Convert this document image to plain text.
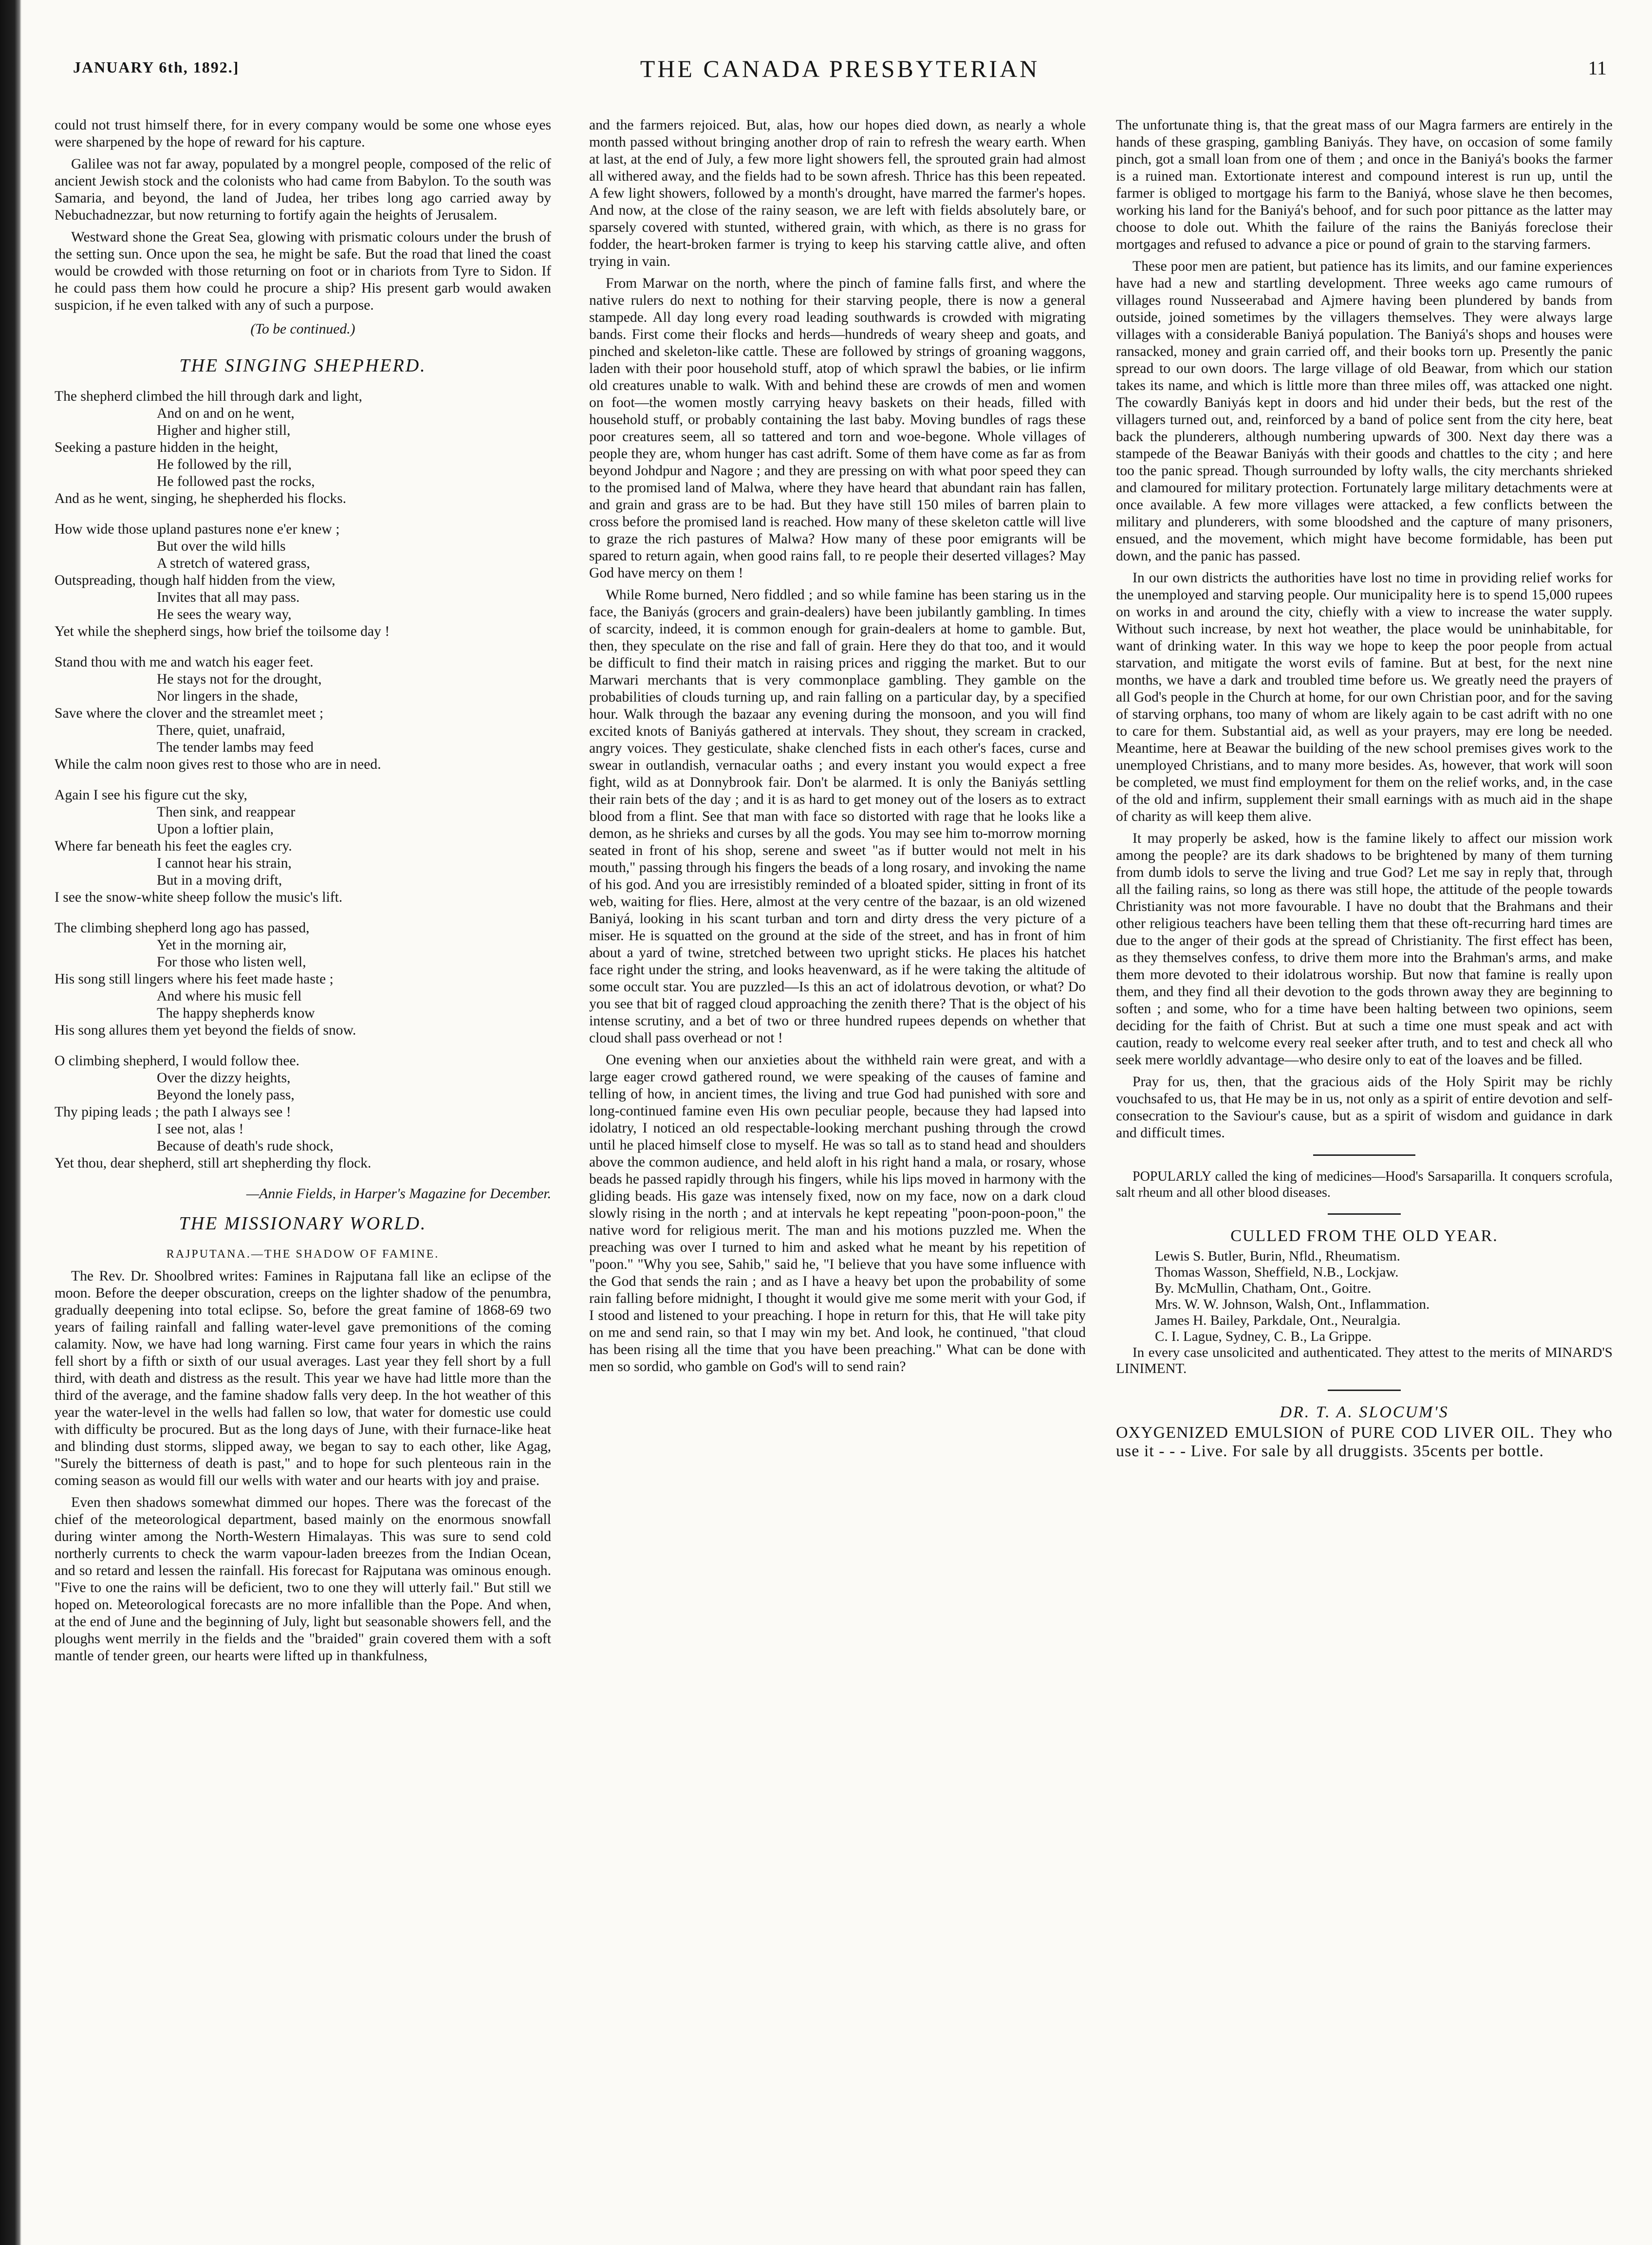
JANUARY 6th, 1892.]	THE CANADA PRESBYTERIAN	11

could not trust himself there, for in every company would be some one whose eyes were sharpened by the hope of reward for his capture.

Galilee was not far away, populated by a mongrel people, composed of the relic of ancient Jewish stock and the colonists who had came from Babylon. To the south was Samaria, and beyond, the land of Judea, her tribes long ago carried away by Nebuchadnezzar, but now returning to fortify again the heights of Jerusalem.

Westward shone the Great Sea, glowing with prismatic colours under the brush of the setting sun. Once upon the sea, he might be safe. But the road that lined the coast would be crowded with those returning on foot or in chariots from Tyre to Sidon. If he could pass them how could he procure a ship? His present garb would awaken suspicion, if he even talked with any of such a purpose.

(To be continued.)
THE SINGING SHEPHERD.
The shepherd climbed the hill through dark and light,
And on and on he went,
Higher and higher still,
Seeking a pasture hidden in the height,
He followed by the rill,
He followed past the rocks,
And as he went, singing, he shepherded his flocks.
How wide those upland pastures none e'er knew ;
But over the wild hills
A stretch of watered grass,
Outspreading, though half hidden from the view,
Invites that all may pass.
He sees the weary way,
Yet while the shepherd sings, how brief the toilsome day !
Stand thou with me and watch his eager feet.
He stays not for the drought,
Nor lingers in the shade,
Save where the clover and the streamlet meet ;
There, quiet, unafraid,
The tender lambs may feed
While the calm noon gives rest to those who are in need.
Again I see his figure cut the sky,
Then sink, and reappear
Upon a loftier plain,
Where far beneath his feet the eagles cry.
I cannot hear his strain,
But in a moving drift,
I see the snow-white sheep follow the music's lift.
The climbing shepherd long ago has passed,
Yet in the morning air,
For those who listen well,
His song still lingers where his feet made haste ;
And where his music fell
The happy shepherds know
His song allures them yet beyond the fields of snow.
O climbing shepherd, I would follow thee.
Over the dizzy heights,
Beyond the lonely pass,
Thy piping leads ; the path I always see !
I see not, alas !
Because of death's rude shock,
Yet thou, dear shepherd, still art shepherding thy flock.
—Annie Fields, in Harper's Magazine for December.
THE MISSIONARY WORLD.
RAJPUTANA.—THE SHADOW OF FAMINE.

The Rev. Dr. Shoolbred writes: Famines in Rajputana fall like an eclipse of the moon. Before the deeper obscuration, creeps on the lighter shadow of the penumbra, gradually deepening into total eclipse. So, before the great famine of 1868-69 two years of failing rainfall and falling water-level gave premonitions of the coming calamity. Now, we have had long warning. First came four years in which the rains fell short by a fifth or sixth of our usual averages. Last year they fell short by a full third, with death and distress as the result. This year we have had little more than the third of the average, and the famine shadow falls very deep. In the hot weather of this year the water-level in the wells had fallen so low, that water for domestic use could with difficulty be procured. But as the long days of June, with their furnace-like heat and blinding dust storms, slipped away, we began to say to each other, like Agag, "Surely the bitterness of death is past," and to hope for such plenteous rain in the coming season as would fill our wells with water and our hearts with joy and praise.

Even then shadows somewhat dimmed our hopes. There was the forecast of the chief of the meteorological department, based mainly on the enormous snowfall during winter among the North-Western Himalayas. This was sure to send cold northerly currents to check the warm vapour-laden breezes from the Indian Ocean, and so retard and lessen the rainfall. His forecast for Rajputana was ominous enough. "Five to one the rains will be deficient, two to one they will utterly fail." But still we hoped on. Meteorological forecasts are no more infallible than the Pope. And when, at the end of June and the beginning of July, light but seasonable showers fell, and the ploughs went merrily in the fields and the "braided" grain covered them with a soft mantle of tender green, our hearts were lifted up in thankfulness,

and the farmers rejoiced. But, alas, how our hopes died down, as nearly a whole month passed without bringing another drop of rain to refresh the weary earth. When at last, at the end of July, a few more light showers fell, the sprouted grain had almost all withered away, and the fields had to be sown afresh. Thrice has this been repeated. A few light showers, followed by a month's drought, have marred the farmer's hopes. And now, at the close of the rainy season, we are left with fields absolutely bare, or sparsely covered with stunted, withered grain, with which, as there is no grass for fodder, the heart-broken farmer is trying to keep his starving cattle alive, and often trying in vain.

From Marwar on the north, where the pinch of famine falls first, and where the native rulers do next to nothing for their starving people, there is now a general stampede. All day long every road leading southwards is crowded with migrating bands. First come their flocks and herds—hundreds of weary sheep and goats, and pinched and skeleton-like cattle. These are followed by strings of groaning waggons, laden with their poor household stuff, atop of which sprawl the babies, or lie infirm old creatures unable to walk. With and behind these are crowds of men and women on foot—the women mostly carrying heavy baskets on their heads, filled with household stuff, or probably containing the last baby. Moving bundles of rags these poor creatures seem, all so tattered and torn and woe-begone. Whole villages of people they are, whom hunger has cast adrift. Some of them have come as far as from beyond Johdpur and Nagore ; and they are pressing on with what poor speed they can to the promised land of Malwa, where they have heard that abundant rain has fallen, and grain and grass are to be had. But they have still 150 miles of barren plain to cross before the promised land is reached. How many of these skeleton cattle will live to graze the rich pastures of Malwa? How many of these poor emigrants will be spared to return again, when good rains fall, to re people their deserted villages? May God have mercy on them !

While Rome burned, Nero fiddled ; and so while famine has been staring us in the face, the Baniyás (grocers and grain-dealers) have been jubilantly gambling. In times of scarcity, indeed, it is common enough for grain-dealers at home to gamble. But, then, they speculate on the rise and fall of grain. Here they do that too, and it would be difficult to find their match in raising prices and rigging the market. But to our Marwari merchants that is very commonplace gambling. They gamble on the probabilities of clouds turning up, and rain falling on a particular day, by a specified hour. Walk through the bazaar any evening during the monsoon, and you will find excited knots of Baniyás gathered at intervals. They shout, they scream in cracked, angry voices. They gesticulate, shake clenched fists in each other's faces, curse and swear in outlandish, vernacular oaths ; and every instant you would expect a free fight, wild as at Donnybrook fair. Don't be alarmed. It is only the Baniyás settling their rain bets of the day ; and it is as hard to get money out of the losers as to extract blood from a flint. See that man with face so distorted with rage that he looks like a demon, as he shrieks and curses by all the gods. You may see him to-morrow morning seated in front of his shop, serene and sweet "as if butter would not melt in his mouth," passing through his fingers the beads of a long rosary, and invoking the name of his god. And you are irresistibly reminded of a bloated spider, sitting in front of its web, waiting for flies. Here, almost at the very centre of the bazaar, is an old wizened Baniyá, looking in his scant turban and torn and dirty dress the very picture of a miser. He is squatted on the ground at the side of the street, and has in front of him about a yard of twine, stretched between two upright sticks. He places his hatchet face right under the string, and looks heavenward, as if he were taking the altitude of some occult star. You are puzzled—Is this an act of idolatrous devotion, or what? Do you see that bit of ragged cloud approaching the zenith there? That is the object of his intense scrutiny, and a bet of two or three hundred rupees depends on whether that cloud shall pass overhead or not !

One evening when our anxieties about the withheld rain were great, and with a large eager crowd gathered round, we were speaking of the causes of famine and telling of how, in ancient times, the living and true God had punished with sore and long-continued famine even His own peculiar people, because they had lapsed into idolatry, I noticed an old respectable-looking merchant pushing through the crowd until he placed himself close to myself. He was so tall as to stand head and shoulders above the common audience, and held aloft in his right hand a mala, or rosary, whose beads he passed rapidly through his fingers, while his lips moved in harmony with the gliding beads. His gaze was intensely fixed, now on my face, now on a dark cloud slowly rising in the north ; and at intervals he kept repeating "poon-poon-poon," the native word for religious merit. The man and his motions puzzled me. When the preaching was over I turned to him and asked what he meant by his repetition of "poon." "Why you see, Sahib," said he, "I believe that you have some influence with the God that sends the rain ; and as I have a heavy bet upon the probability of some rain falling before midnight, I thought it would give me some merit with your God, if I stood and listened to your preaching. I hope in return for this, that He will take pity on me and send rain, so that I may win my bet. And look, he continued, "that cloud has been rising all the time that you have been preaching." What can be done with men so sordid, who gamble on God's will to send rain?

The unfortunate thing is, that the great mass of our Magra farmers are entirely in the hands of these grasping, gambling Baniyás. They have, on occasion of some family pinch, got a small loan from one of them ; and once in the Baniyá's books the farmer is a ruined man. Extortionate interest and compound interest is run up, until the farmer is obliged to mortgage his farm to the Baniyá, whose slave he then becomes, working his land for the Baniyá's behoof, and for such poor pittance as the latter may choose to dole out. Whith the failure of the rains the Baniyás foreclose their mortgages and refused to advance a pice or pound of grain to the starving farmers.

These poor men are patient, but patience has its limits, and our famine experiences have had a new and startling development. Three weeks ago came rumours of villages round Nusseerabad and Ajmere having been plundered by bands from outside, joined sometimes by the villagers themselves. They were always large villages with a considerable Baniyá population. The Baniyá's shops and houses were ransacked, money and grain carried off, and their books torn up. Presently the panic spread to our own doors. The large village of old Beawar, from which our station takes its name, and which is little more than three miles off, was attacked one night. The cowardly Baniyás kept in doors and hid under their beds, but the rest of the villagers turned out, and, reinforced by a band of police sent from the city here, beat back the plunderers, although numbering upwards of 300. Next day there was a stampede of the Beawar Baniyás with their goods and chattles to the city ; and here too the panic spread. Though surrounded by lofty walls, the city merchants shrieked and clamoured for military protection. Fortunately large military detachments were at once available. A few more villages were attacked, a few conflicts between the military and plunderers, with some bloodshed and the capture of many prisoners, ensued, and the movement, which might have become formidable, has been put down, and the panic has passed.

In our own districts the authorities have lost no time in providing relief works for the unemployed and starving people. Our municipality here is to spend 15,000 rupees on works in and around the city, chiefly with a view to increase the water supply. Without such increase, by next hot weather, the place would be uninhabitable, for want of drinking water. In this way we hope to keep the poor people from actual starvation, and mitigate the worst evils of famine. But at best, for the next nine months, we have a dark and troubled time before us. We greatly need the prayers of all God's people in the Church at home, for our own Christian poor, and for the saving of starving orphans, too many of whom are likely again to be cast adrift with no one to care for them. Substantial aid, as well as your prayers, may ere long be needed. Meantime, here at Beawar the building of the new school premises gives work to the unemployed Christians, and to many more besides. As, however, that work will soon be completed, we must find employment for them on the relief works, and, in the case of the old and infirm, supplement their small earnings with as much aid in the shape of charity as will keep them alive.

It may properly be asked, how is the famine likely to affect our mission work among the people? are its dark shadows to be brightened by many of them turning from dumb idols to serve the living and true God? Let me say in reply that, through all the failing rains, so long as there was still hope, the attitude of the people towards Christianity was not more favourable. I have no doubt that the Brahmans and their other religious teachers have been telling them that these oft-recurring hard times are due to the anger of their gods at the spread of Christianity. The first effect has been, as they themselves confess, to drive them more into the Brahman's arms, and make them more devoted to their idolatrous worship. But now that famine is really upon them, and they find all their devotion to the gods thrown away they are beginning to soften ; and some, who for a time have been halting between two opinions, seem deciding for the faith of Christ. But at such a time one must speak and act with caution, ready to welcome every real seeker after truth, and to test and check all who seek mere worldly advantage—who desire only to eat of the loaves and be filled.

Pray for us, then, that the gracious aids of the Holy Spirit may be richly vouchsafed to us, that He may be in us, not only as a spirit of entire devotion and self-consecration to the Saviour's cause, but as a spirit of wisdom and guidance in dark and difficult times.

POPULARLY called the king of medicines—Hood's Sarsaparilla. It conquers scrofula, salt rheum and all other blood diseases.
CULLED FROM THE OLD YEAR.
Lewis S. Butler, Burin, Nfld., Rheumatism.
Thomas Wasson, Sheffield, N.B., Lockjaw.
By. McMullin, Chatham, Ont., Goitre.
Mrs. W. W. Johnson, Walsh, Ont., Inflammation.
James H. Bailey, Parkdale, Ont., Neuralgia.
C. I. Lague, Sydney, C. B., La Grippe.
In every case unsolicited and authenticated. They attest to the merits of MINARD'S LINIMENT.
DR. T. A. SLOCUM'S
OXYGENIZED EMULSION of PURE COD LIVER OIL. They who use it - - - Live. For sale by all druggists. 35cents per bottle.
